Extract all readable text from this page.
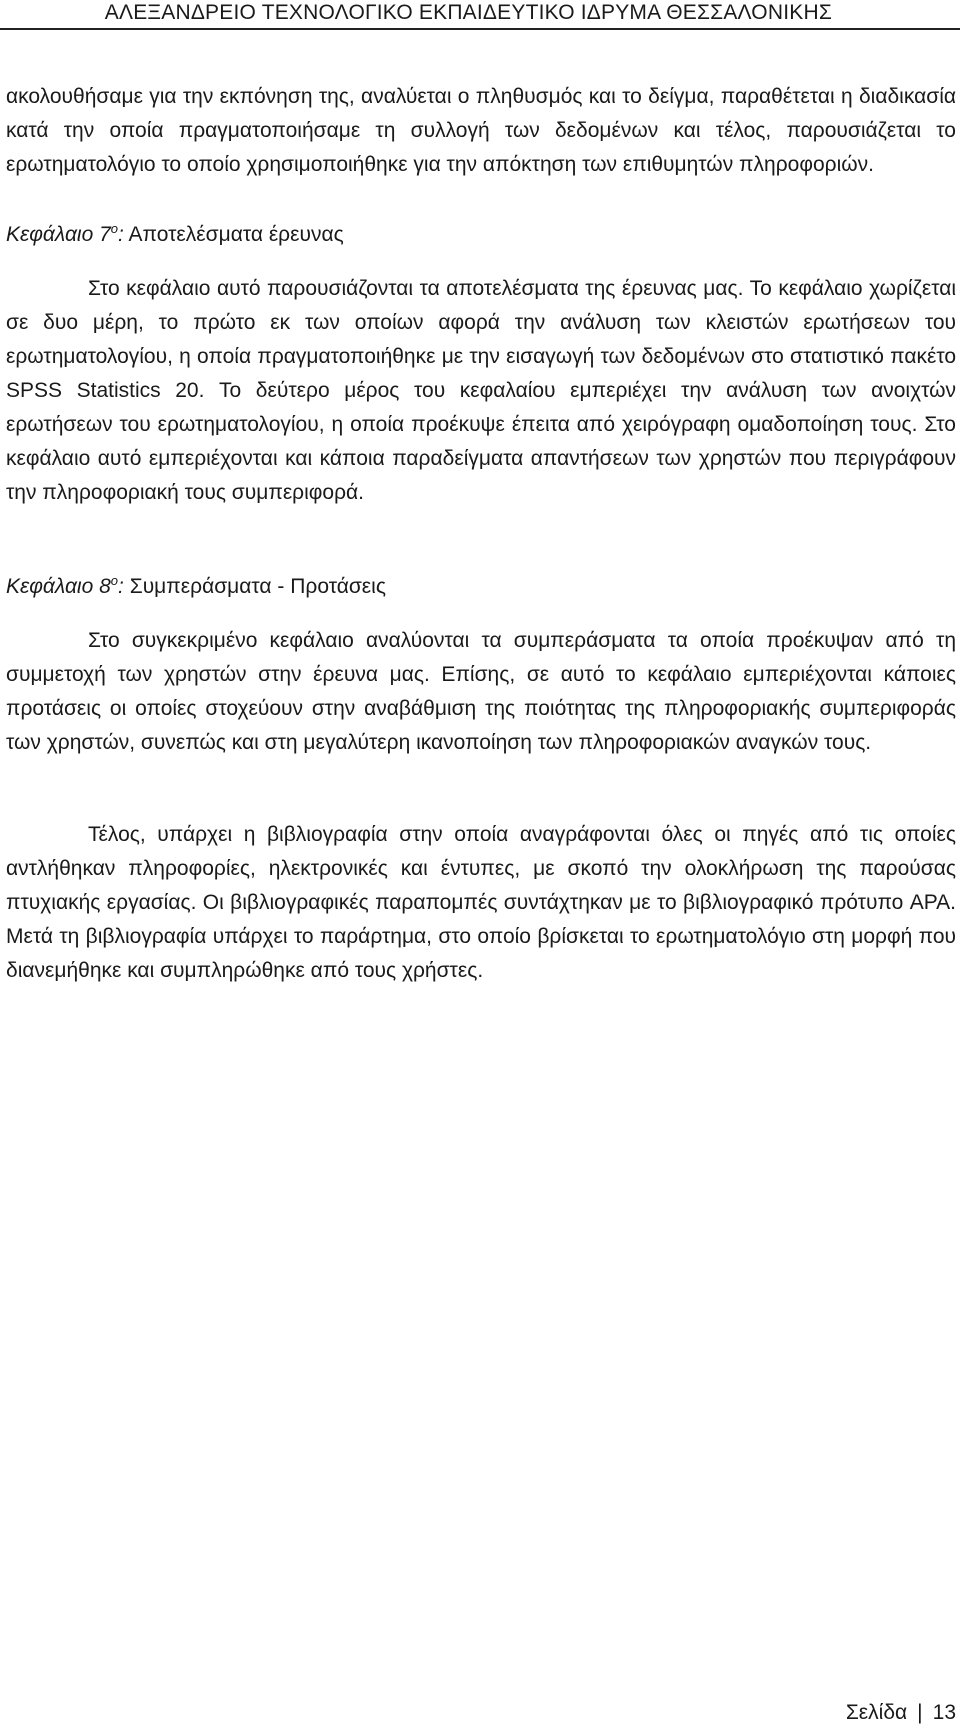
ΑΛΕΞΑΝΔΡΕΙΟ ΤΕΧΝΟΛΟΓΙΚΟ ΕΚΠΑΙΔΕΥΤΙΚΟ ΙΔΡΥΜΑ ΘΕΣΣΑΛΟΝΙΚΗΣ

ακολουθήσαμε για την εκπόνηση της, αναλύεται ο πληθυσμός και το δείγμα, παραθέτεται η διαδικασία κατά την οποία πραγματοποιήσαμε τη συλλογή των δεδομένων και τέλος, παρουσιάζεται το ερωτηματολόγιο το οποίο χρησιμοποιήθηκε για την απόκτηση των επιθυμητών πληροφοριών.

Κεφάλαιο $7^o$: Αποτελέσματα έρευνας

Στο κεφάλαιο αυτό παρουσιάζονται τα αποτελέσματα της έρευνας μας. Το κεφάλαιο χωρίζεται σε δυο μέρη, το πρώτο εκ των οποίων αφορά την ανάλυση των κλειστών ερωτήσεων του ερωτηματολογίου, η οποία πραγματοποιήθηκε με την εισαγωγή των δεδομένων στο στατιστικό πακέτο SPSS Statistics 20. Το δεύτερο μέρος του κεφαλαίου εμπεριέχει την ανάλυση των ανοιχτών ερωτήσεων του ερωτηματολογίου, η οποία προέκυψε έπειτα από χειρόγραφη ομαδοποίηση τους. Στο κεφάλαιο αυτό εμπεριέχονται και κάποια παραδείγματα απαντήσεων των χρηστών που περιγράφουν την πληροφοριακή τους συμπεριφορά.

Κεφάλαιο $8^o$: Συμπεράσματα - Προτάσεις

Στο συγκεκριμένο κεφάλαιο αναλύονται τα συμπεράσματα τα οποία προέκυψαν από τη συμμετοχή των χρηστών στην έρευνα μας. Επίσης, σε αυτό το κεφάλαιο εμπεριέχονται κάποιες προτάσεις οι οποίες στοχεύουν στην αναβάθμιση της ποιότητας της πληροφοριακής συμπεριφοράς των χρηστών, συνεπώς και στη μεγαλύτερη ικανοποίηση των πληροφοριακών αναγκών τους.

Τέλος, υπάρχει η βιβλιογραφία στην οποία αναγράφονται όλες οι πηγές από τις οποίες αντλήθηκαν πληροφορίες, ηλεκτρονικές και έντυπες, με σκοπό την ολοκλήρωση της παρούσας πτυχιακής εργασίας. Οι βιβλιογραφικές παραπομπές συντάχτηκαν με το βιβλιογραφικό πρότυπο APA. Μετά τη βιβλιογραφία υπάρχει το παράρτημα, στο οποίο βρίσκεται το ερωτηματολόγιο στη μορφή που διανεμήθηκε και συμπληρώθηκε από τους χρήστες.

Σελίδα | 13
